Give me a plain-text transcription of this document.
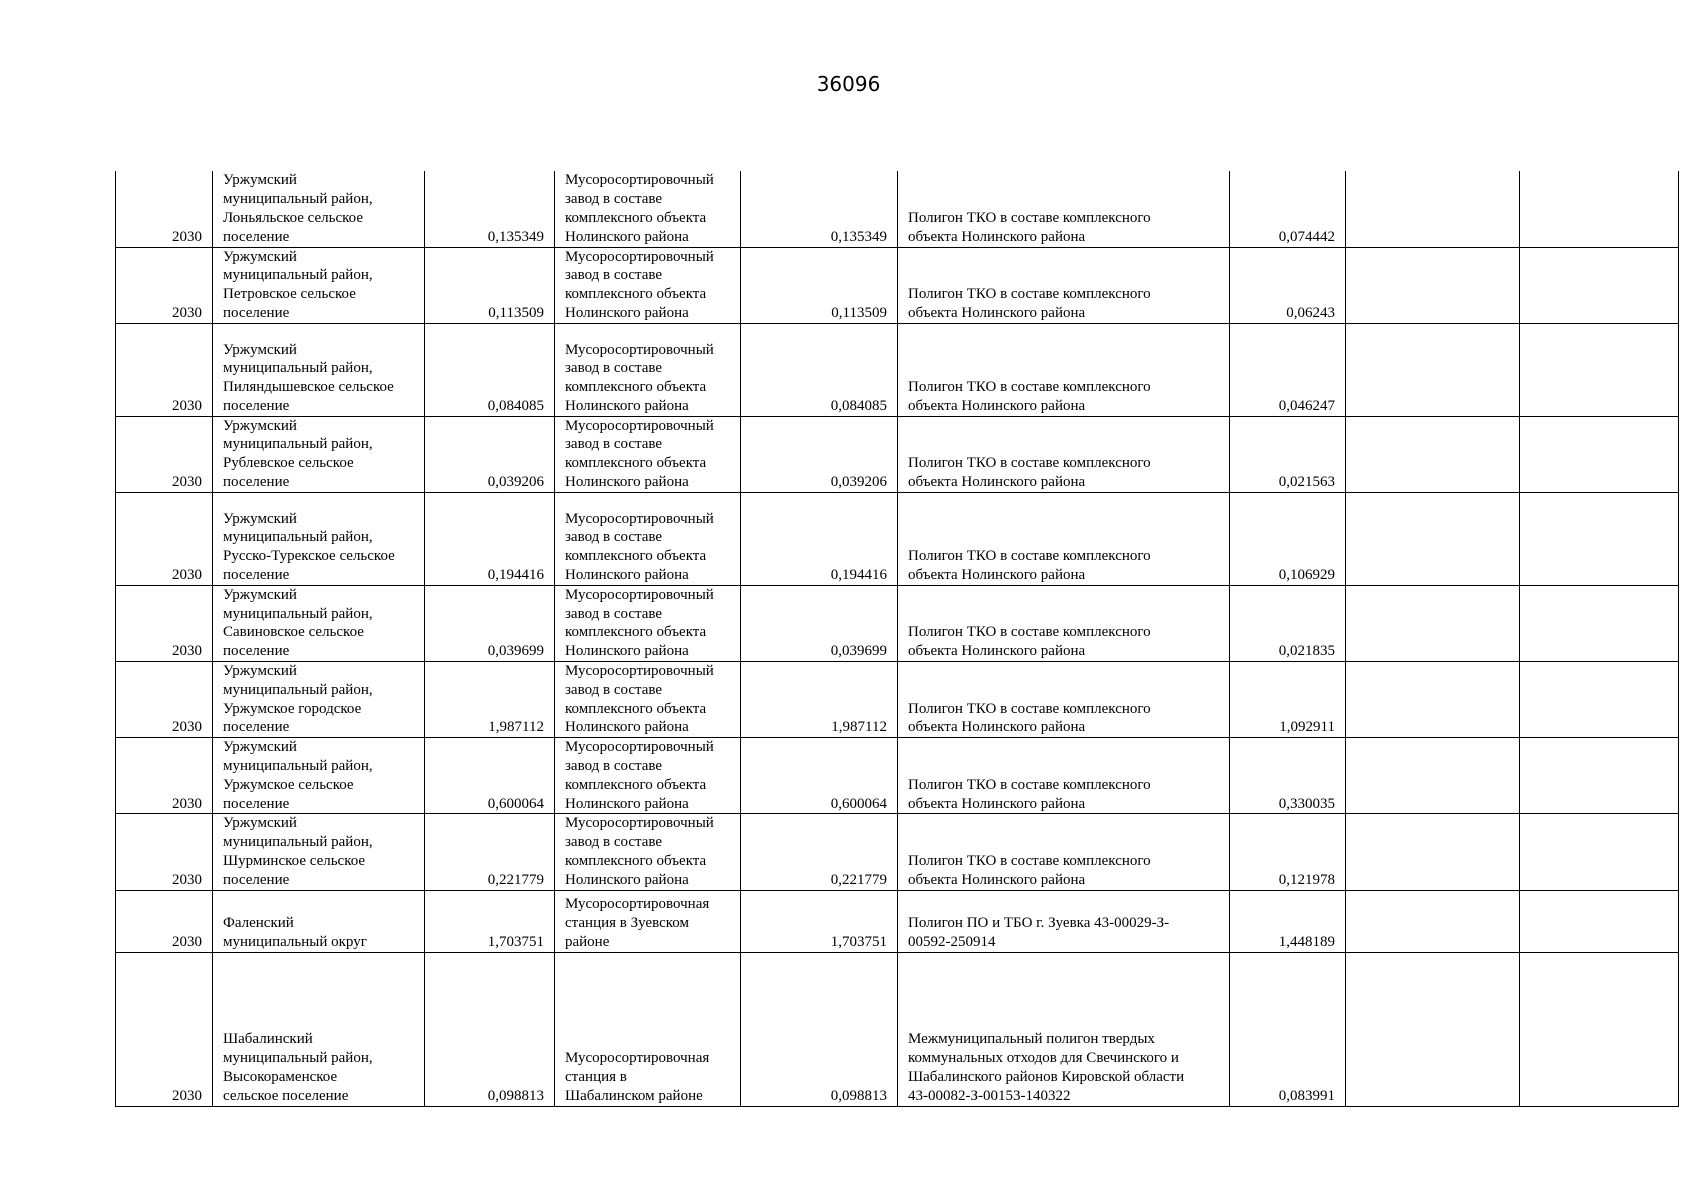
36096
2030	Уржумский
муниципальный район,
Лоньяльское сельское
поселение	0,135349	Мусоросортировочный
завод в составе
комплексного объекта
Нолинского района	0,135349	Полигон ТКО в составе комплексного
объекта Нолинского района	0,074442		
2030	Уржумский
муниципальный район,
Петровское сельское
поселение	0,113509	Мусоросортировочный
завод в составе
комплексного объекта
Нолинского района	0,113509	Полигон ТКО в составе комплексного
объекта Нолинского района	0,06243		
2030	Уржумский
муниципальный район,
Пиляндышевское сельское
поселение	0,084085	Мусоросортировочный
завод в составе
комплексного объекта
Нолинского района	0,084085	Полигон ТКО в составе комплексного
объекта Нолинского района	0,046247		
2030	Уржумский
муниципальный район,
Рублевское сельское
поселение	0,039206	Мусоросортировочный
завод в составе
комплексного объекта
Нолинского района	0,039206	Полигон ТКО в составе комплексного
объекта Нолинского района	0,021563		
2030	Уржумский
муниципальный район,
Русско-Турекское сельское
поселение	0,194416	Мусоросортировочный
завод в составе
комплексного объекта
Нолинского района	0,194416	Полигон ТКО в составе комплексного
объекта Нолинского района	0,106929		
2030	Уржумский
муниципальный район,
Савиновское сельское
поселение	0,039699	Мусоросортировочный
завод в составе
комплексного объекта
Нолинского района	0,039699	Полигон ТКО в составе комплексного
объекта Нолинского района	0,021835		
2030	Уржумский
муниципальный район,
Уржумское городское
поселение	1,987112	Мусоросортировочный
завод в составе
комплексного объекта
Нолинского района	1,987112	Полигон ТКО в составе комплексного
объекта Нолинского района	1,092911		
2030	Уржумский
муниципальный район,
Уржумское сельское
поселение	0,600064	Мусоросортировочный
завод в составе
комплексного объекта
Нолинского района	0,600064	Полигон ТКО в составе комплексного
объекта Нолинского района	0,330035		
2030	Уржумский
муниципальный район,
Шурминское сельское
поселение	0,221779	Мусоросортировочный
завод в составе
комплексного объекта
Нолинского района	0,221779	Полигон ТКО в составе комплексного
объекта Нолинского района	0,121978		
2030	Фаленский
муниципальный округ	1,703751	Мусоросортировочная
станция в Зуевском
районе	1,703751	Полигон ПО и ТБО г. Зуевка 43-00029-З-
00592-250914	1,448189		
2030	Шабалинский
муниципальный район,
Высокораменское
сельское поселение	0,098813	Мусоросортировочная
станция в
Шабалинском районе	0,098813	Межмуниципальный полигон твердых
коммунальных отходов для Свечинского и
Шабалинского районов Кировской области
43-00082-З-00153-140322	0,083991		
